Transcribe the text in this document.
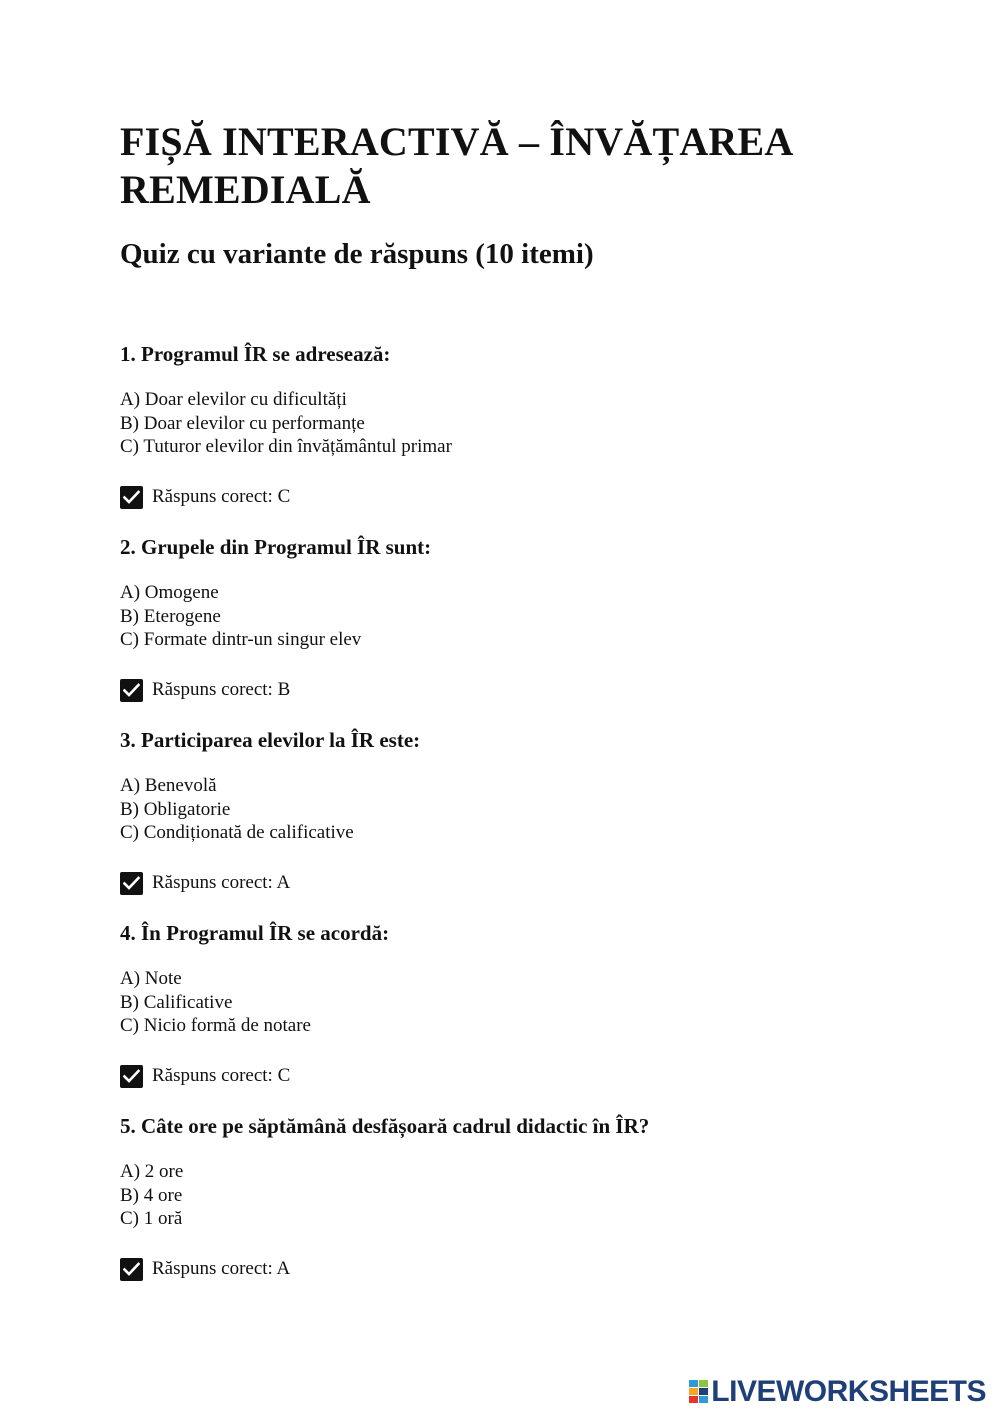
FIȘĂ INTERACTIVĂ – ÎNVĂȚAREA REMEDIALĂ
Quiz cu variante de răspuns (10 itemi)

1. Programul ÎR se adresează:

A) Doar elevilor cu dificultăți
B) Doar elevilor cu performanțe
C) Tuturor elevilor din învățământul primar
Răspuns corect: C

2. Grupele din Programul ÎR sunt:

A) Omogene
B) Eterogene
C) Formate dintr-un singur elev
Răspuns corect: B

3. Participarea elevilor la ÎR este:

A) Benevolă
B) Obligatorie
C) Condiționată de calificative
Răspuns corect: A

4. În Programul ÎR se acordă:

A) Note
B) Calificative
C) Nicio formă de notare
Răspuns corect: C

5. Câte ore pe săptămână desfășoară cadrul didactic în ÎR?

A) 2 ore
B) 4 ore
C) 1 oră
Răspuns corect: A
LIVEWORKSHEETS
